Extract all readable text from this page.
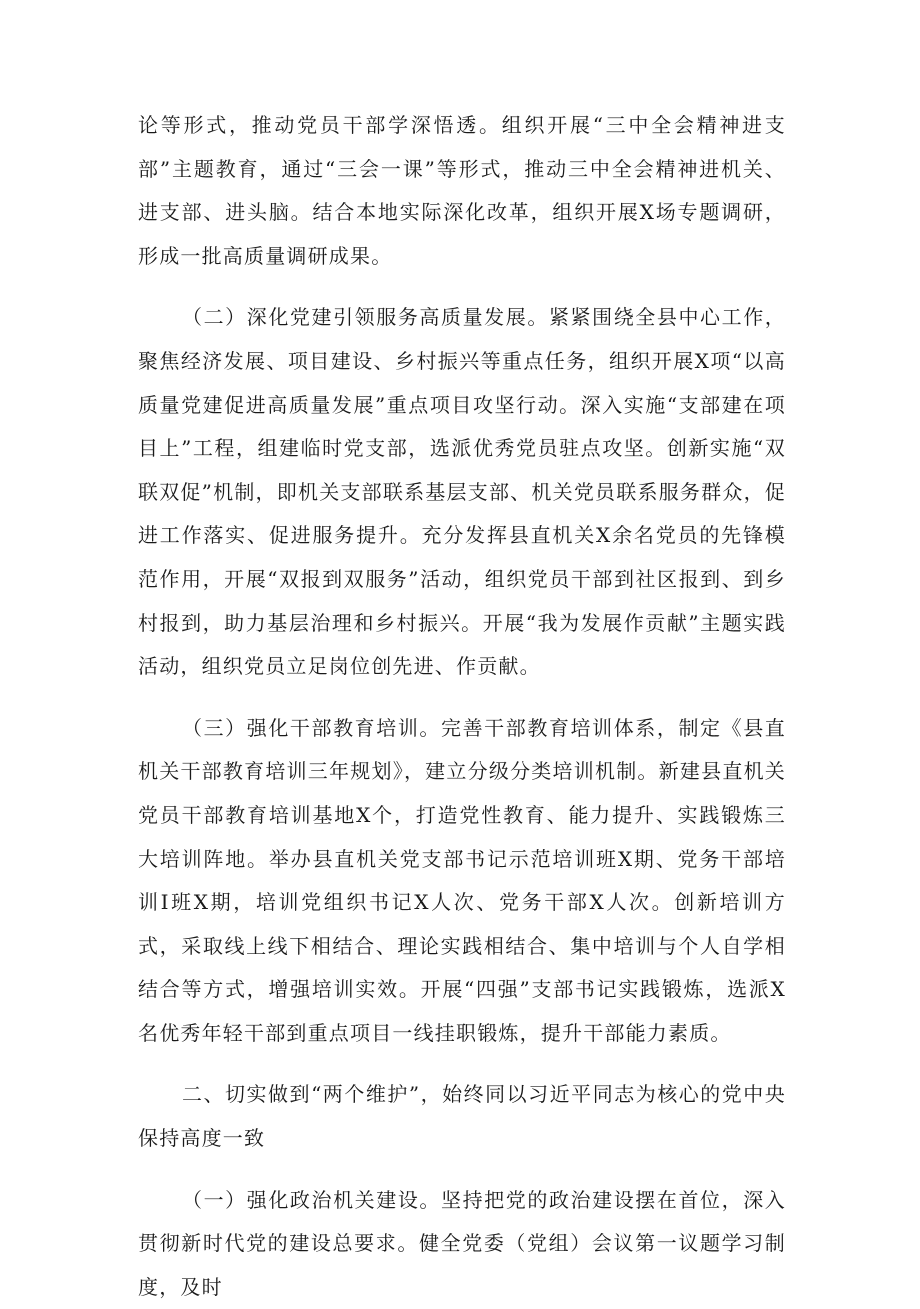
论等形式，推动党员干部学深悟透。组织开展“三中全会精神进支部”主题教育，通过“三会一课”等形式，推动三中全会精神进机关、进支部、进头脑。结合本地实际深化改革，组织开展X场专题调研，形成一批高质量调研成果。

（二）深化党建引领服务高质量发展。紧紧围绕全县中心工作，聚焦经济发展、项目建设、乡村振兴等重点任务，组织开展X项“以高质量党建促进高质量发展”重点项目攻坚行动。深入实施“支部建在项目上”工程，组建临时党支部，选派优秀党员驻点攻坚。创新实施“双联双促”机制，即机关支部联系基层支部、机关党员联系服务群众，促进工作落实、促进服务提升。充分发挥县直机关X余名党员的先锋模范作用，开展“双报到双服务”活动，组织党员干部到社区报到、到乡村报到，助力基层治理和乡村振兴。开展“我为发展作贡献”主题实践活动，组织党员立足岗位创先进、作贡献。

（三）强化干部教育培训。完善干部教育培训体系，制定《县直机关干部教育培训三年规划》，建立分级分类培训机制。新建县直机关党员干部教育培训基地X个，打造党性教育、能力提升、实践锻炼三大培训阵地。举办县直机关党支部书记示范培训班X期、党务干部培训I班X期，培训党组织书记X人次、党务干部X人次。创新培训方式，采取线上线下相结合、理论实践相结合、集中培训与个人自学相结合等方式，增强培训实效。开展“四强”支部书记实践锻炼，选派X名优秀年轻干部到重点项目一线挂职锻炼，提升干部能力素质。

二、切实做到“两个维护”，始终同以习近平同志为核心的党中央保持高度一致

（一）强化政治机关建设。坚持把党的政治建设摆在首位，深入贯彻新时代党的建设总要求。健全党委（党组）会议第一议题学习制度，及时
